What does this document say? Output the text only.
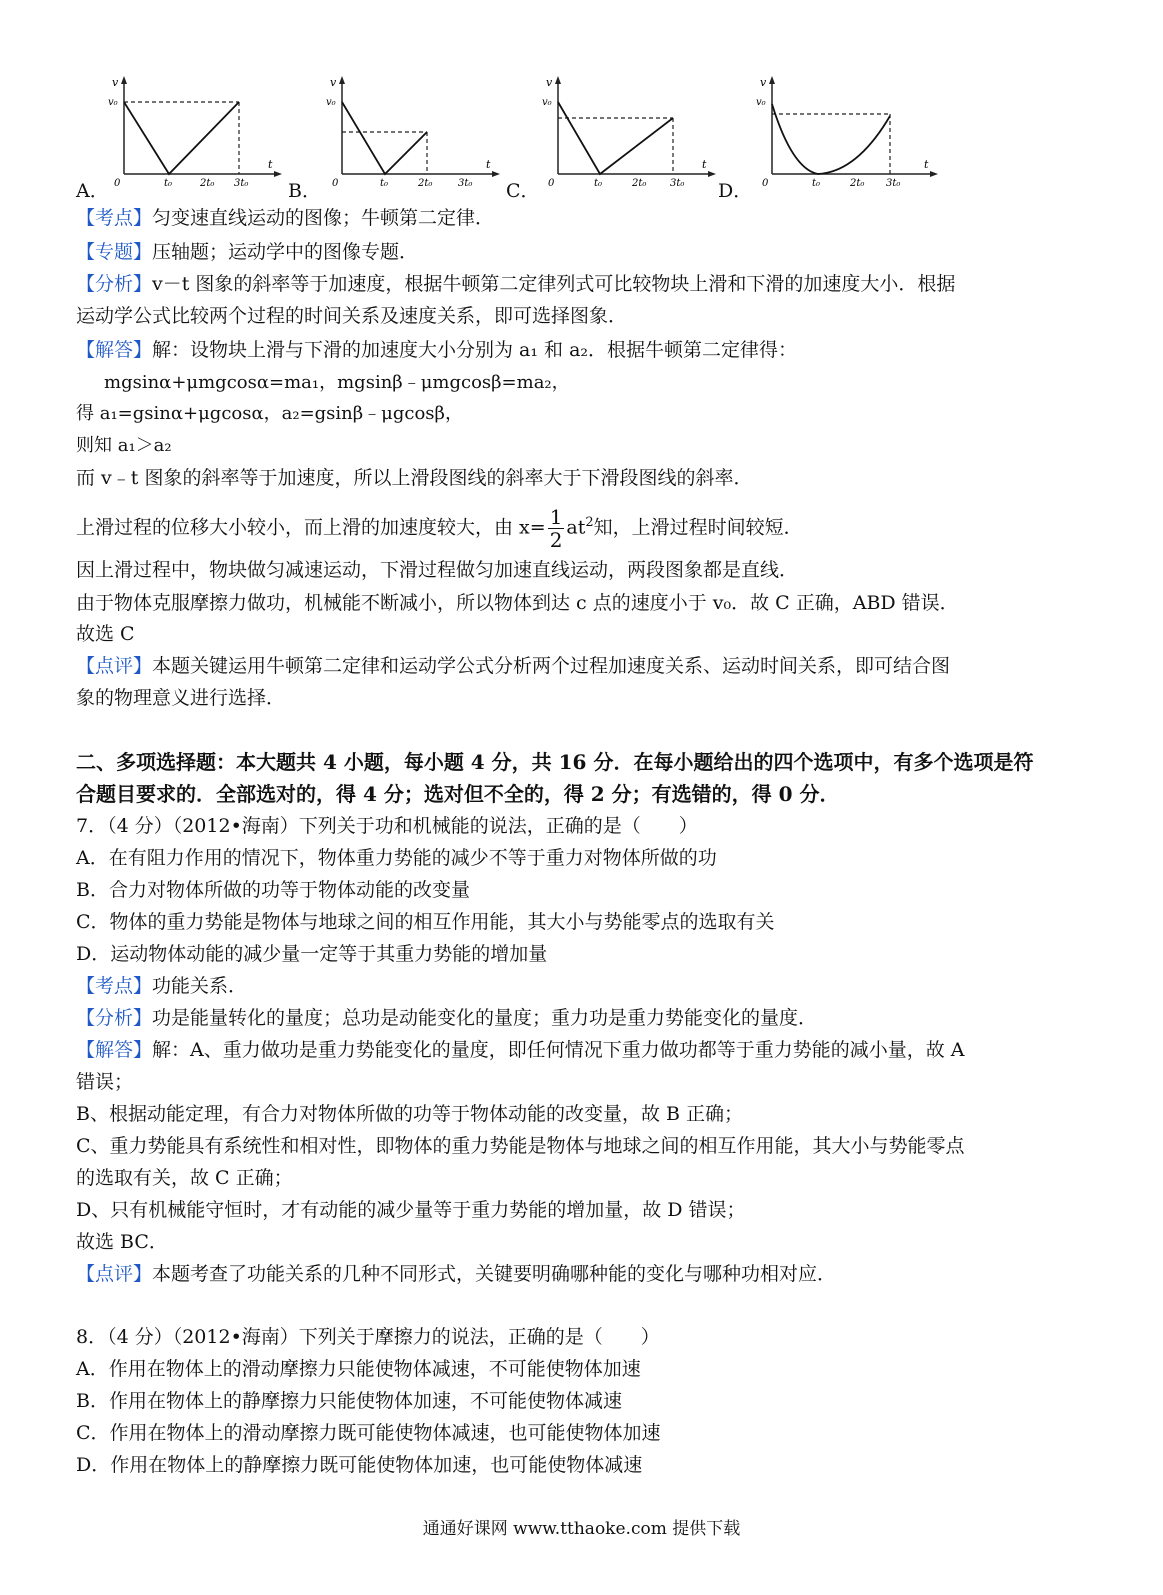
A．	B．	C．	D．
v
v₀
0	t₀	2t₀ 3t₀
t
v
v₀
0	t₀	2t₀	3t₀
t
v
v₀
0	t₀	2t₀ 3t₀
t
v
v₀
0	t₀	2t₀ 3t₀
t
【考点】匀变速直线运动的图像；牛顿第二定律．
【专题】压轴题；运动学中的图像专题．
【分析】v－t 图象的斜率等于加速度，根据牛顿第二定律列式可比较物块上滑和下滑的加速度大小．根据
运动学公式比较两个过程的时间关系及速度关系，即可选择图象．
【解答】解：设物块上滑与下滑的加速度大小分别为 a₁ 和 a₂．根据牛顿第二定律得：
mgsinα+μmgcosα=ma₁，mgsinβ﹣μmgcosβ=ma₂，
得 a₁=gsinα+μgcosα，a₂=gsinβ﹣μgcosβ，
则知 a₁＞a₂
而 v﹣t 图象的斜率等于加速度，所以上滑段图线的斜率大于下滑段图线的斜率．
上滑过程的位移大小较小，而上滑的加速度较大，由 $x= \frac{1}{2} at^2$知，上滑过程时间较短．
因上滑过程中，物块做匀减速运动，下滑过程做匀加速直线运动，两段图象都是直线．
由于物体克服摩擦力做功，机械能不断减小，所以物体到达 c 点的速度小于 v₀．故 C 正确，ABD 错误．
故选 C
【点评】本题关键运用牛顿第二定律和运动学公式分析两个过程加速度关系、运动时间关系，即可结合图
象的物理意义进行选择．
二、多项选择题：本大题共 4 小题，每小题 4 分，共 16 分．在每小题给出的四个选项中，有多个选项是符
合题目要求的．全部选对的，得 4 分；选对但不全的，得 2 分；有选错的，得 0 分．
7．（4 分）（2012•海南）下列关于功和机械能的说法，正确的是（　　）
A．在有阻力作用的情况下，物体重力势能的减少不等于重力对物体所做的功
B．合力对物体所做的功等于物体动能的改变量
C．物体的重力势能是物体与地球之间的相互作用能，其大小与势能零点的选取有关
D．运动物体动能的减少量一定等于其重力势能的增加量
【考点】功能关系．
【分析】功是能量转化的量度；总功是动能变化的量度；重力功是重力势能变化的量度．
【解答】解：A、重力做功是重力势能变化的量度，即任何情况下重力做功都等于重力势能的减小量，故 A
错误；
B、根据动能定理，有合力对物体所做的功等于物体动能的改变量，故 B 正确；
C、重力势能具有系统性和相对性，即物体的重力势能是物体与地球之间的相互作用能，其大小与势能零点
的选取有关，故 C 正确；
D、只有机械能守恒时，才有动能的减少量等于重力势能的增加量，故 D 错误；
故选 BC．
【点评】本题考查了功能关系的几种不同形式，关键要明确哪种能的变化与哪种功相对应．
8．（4 分）（2012•海南）下列关于摩擦力的说法，正确的是（　　）
A．作用在物体上的滑动摩擦力只能使物体减速，不可能使物体加速
B．作用在物体上的静摩擦力只能使物体加速，不可能使物体减速
C．作用在物体上的滑动摩擦力既可能使物体减速，也可能使物体加速
D．作用在物体上的静摩擦力既可能使物体加速，也可能使物体减速
通通好课网 www.tthaoke.com 提供下载
